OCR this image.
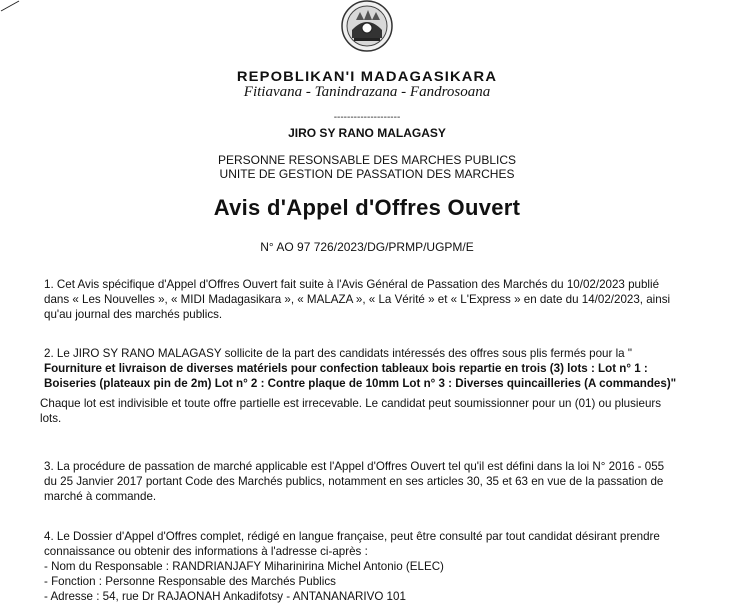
REPOBLIKAN'I MADAGASIKARA
Fitiavana - Tanindrazana - Fandrosoana
--------------------
JIRO SY RANO MALAGASY
PERSONNE RESONSABLE DES MARCHES PUBLICS
UNITE DE GESTION DE PASSATION DES MARCHES
Avis d'Appel d'Offres Ouvert
N° AO 97 726/2023/DG/PRMP/UGPM/E
1. Cet Avis spécifique d'Appel d'Offres Ouvert fait suite à l'Avis Général de Passation des Marchés du 10/02/2023 publié
dans « Les Nouvelles », « MIDI Madagasikara », « MALAZA », « La Vérité » et « L'Express » en date du 14/02/2023, ainsi
qu'au journal des marchés publics.
2. Le JIRO SY RANO MALAGASY sollicite de la part des candidats intéressés des offres sous plis fermés pour la "
Fourniture et livraison de diverses matériels pour confection tableaux bois repartie en trois (3) lots : Lot n° 1 :
Boiseries (plateaux pin de 2m) Lot n° 2 : Contre plaque de 10mm Lot n° 3 : Diverses quincailleries (A commandes)"
Chaque lot est indivisible et toute offre partielle est irrecevable. Le candidat peut soumissionner pour un (01) ou plusieurs
lots.
3. La procédure de passation de marché applicable est l'Appel d'Offres Ouvert tel qu'il est défini dans la loi N° 2016 - 055
du 25 Janvier 2017 portant Code des Marchés publics, notamment en ses articles 30, 35 et 63 en vue de la passation de
marché à commande.
4. Le Dossier d'Appel d'Offres complet, rédigé en langue française, peut être consulté par tout candidat désirant prendre
connaissance ou obtenir des informations à l'adresse ci-après :
- Nom du Responsable : RANDRIANJAFY Miharinirina Michel Antonio (ELEC)
- Fonction : Personne Responsable des Marchés Publics
- Adresse : 54, rue Dr RAJAONAH Ankadifotsy - ANTANANARIVO 101
